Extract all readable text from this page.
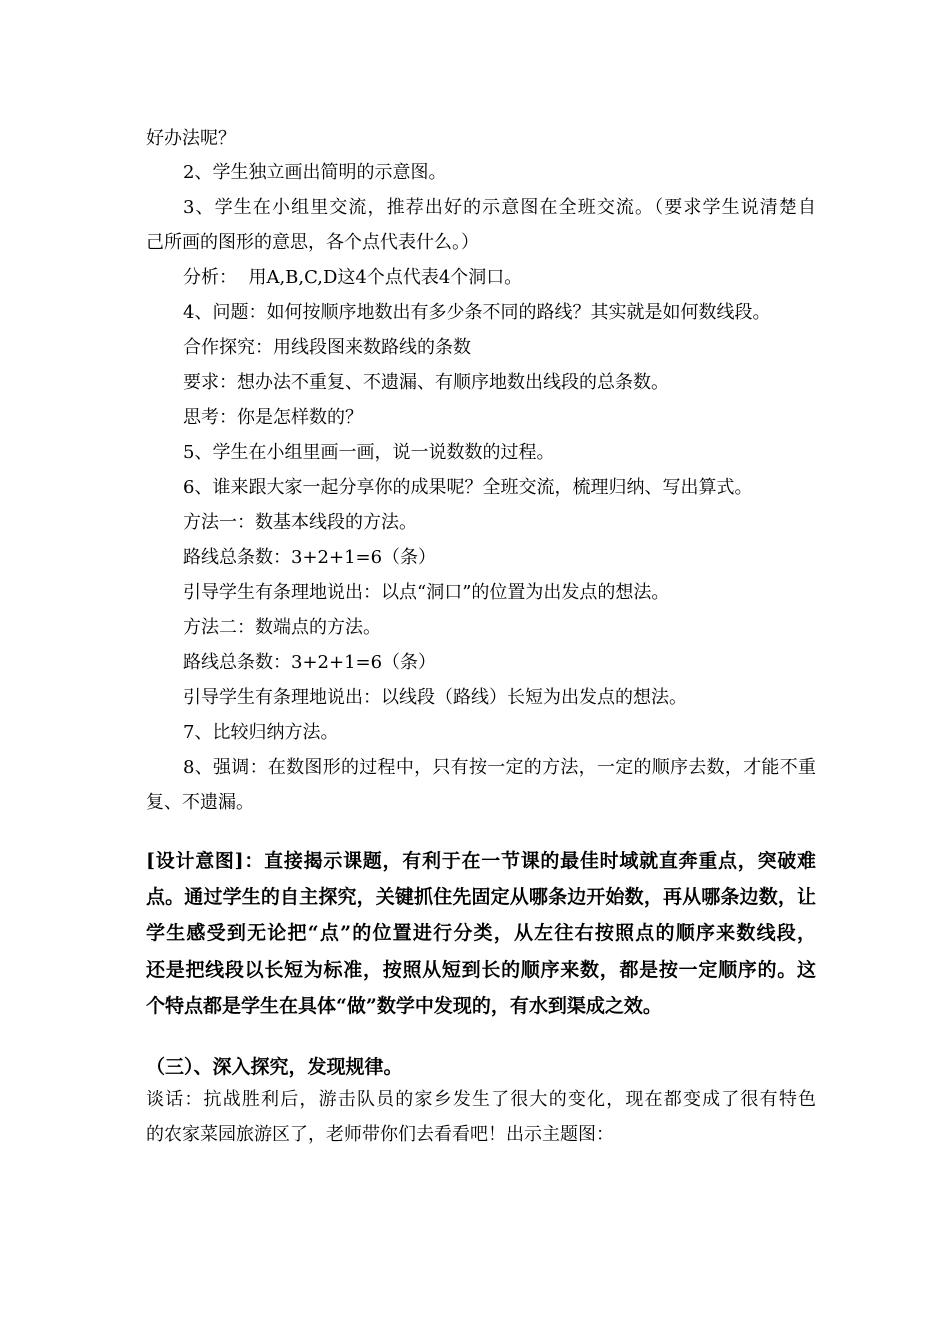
好办法呢？
2、学生独立画出简明的示意图。
3、学生在小组里交流，推荐出好的示意图在全班交流。（要求学生说清楚自
己所画的图形的意思，各个点代表什么。）
分析：  用A,B,C,D这4个点代表4个洞口。
4、问题：如何按顺序地数出有多少条不同的路线？其实就是如何数线段。
合作探究：用线段图来数路线的条数
要求：想办法不重复、不遗漏、有顺序地数出线段的总条数。
思考：你是怎样数的？
5、学生在小组里画一画，说一说数数的过程。
6、谁来跟大家一起分享你的成果呢？全班交流，梳理归纳、写出算式。
方法一：数基本线段的方法。
路线总条数：3+2+1=6（条）
引导学生有条理地说出：以点“洞口”的位置为出发点的想法。
方法二：数端点的方法。
路线总条数：3+2+1=6（条）
引导学生有条理地说出：以线段（路线）长短为出发点的想法。
7、比较归纳方法。
8、强调：在数图形的过程中，只有按一定的方法，一定的顺序去数，才能不重
复、不遗漏。
[设计意图]：直接揭示课题，有利于在一节课的最佳时域就直奔重点，突破难
点。通过学生的自主探究，关键抓住先固定从哪条边开始数，再从哪条边数，让
学生感受到无论把“点”的位置进行分类，从左往右按照点的顺序来数线段，
还是把线段以长短为标准，按照从短到长的顺序来数，都是按一定顺序的。这
个特点都是学生在具体“做”数学中发现的，有水到渠成之效。
（三）、深入探究，发现规律。
谈话：抗战胜利后，游击队员的家乡发生了很大的变化，现在都变成了很有特色
的农家菜园旅游区了，老师带你们去看看吧！出示主题图：
